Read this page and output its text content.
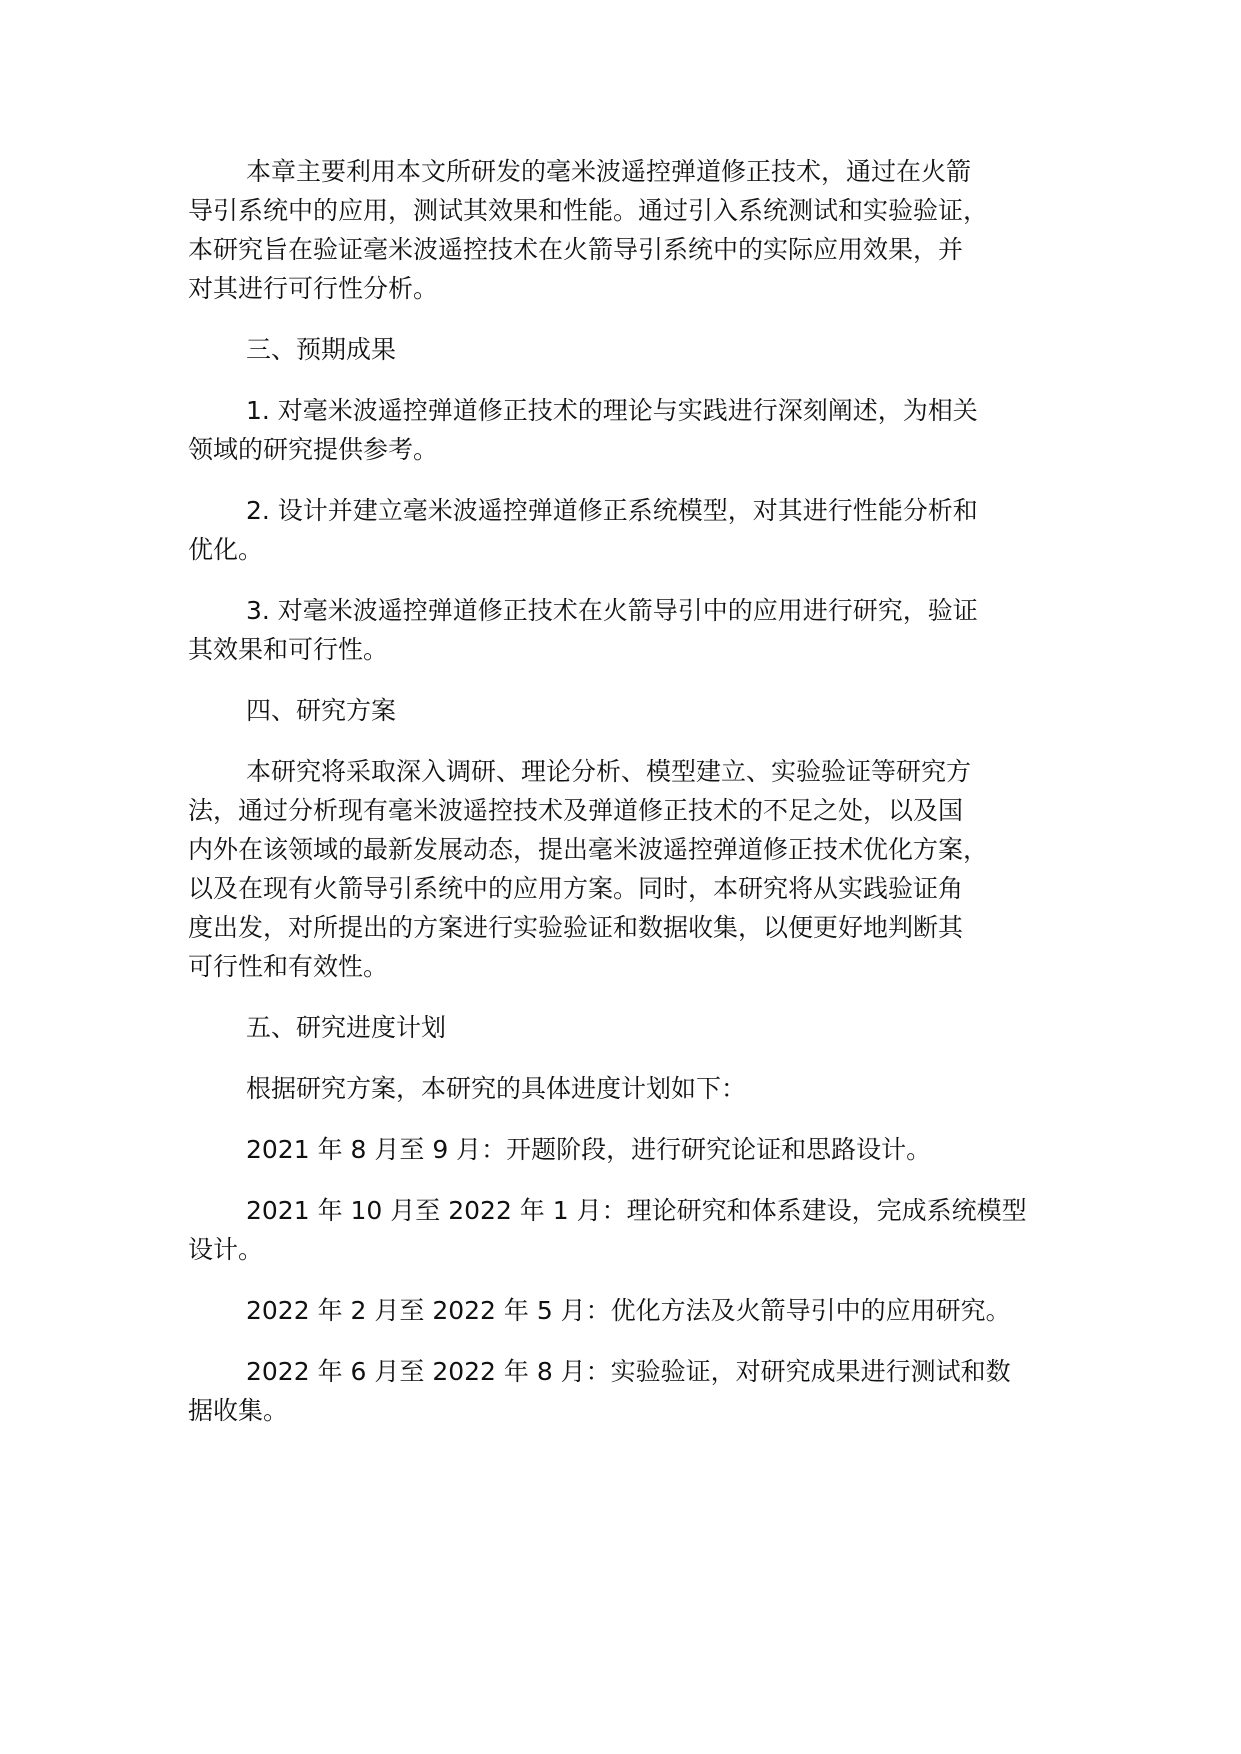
本章主要利用本文所研发的毫米波遥控弹道修正技术，通过在火箭
导引系统中的应用，测试其效果和性能。通过引入系统测试和实验验证，
本研究旨在验证毫米波遥控技术在火箭导引系统中的实际应用效果，并
对其进行可行性分析。
三、预期成果
1. 对毫米波遥控弹道修正技术的理论与实践进行深刻阐述，为相关
领域的研究提供参考。
2. 设计并建立毫米波遥控弹道修正系统模型，对其进行性能分析和
优化。
3. 对毫米波遥控弹道修正技术在火箭导引中的应用进行研究，验证
其效果和可行性。
四、研究方案
本研究将采取深入调研、理论分析、模型建立、实验验证等研究方
法，通过分析现有毫米波遥控技术及弹道修正技术的不足之处，以及国
内外在该领域的最新发展动态，提出毫米波遥控弹道修正技术优化方案，
以及在现有火箭导引系统中的应用方案。同时，本研究将从实践验证角
度出发，对所提出的方案进行实验验证和数据收集，以便更好地判断其
可行性和有效性。
五、研究进度计划
根据研究方案，本研究的具体进度计划如下：
2021 年 8 月至 9 月：开题阶段，进行研究论证和思路设计。
2021 年 10 月至 2022 年 1 月：理论研究和体系建设，完成系统模型
设计。
2022 年 2 月至 2022 年 5 月：优化方法及火箭导引中的应用研究。
2022 年 6 月至 2022 年 8 月：实验验证，对研究成果进行测试和数
据收集。
